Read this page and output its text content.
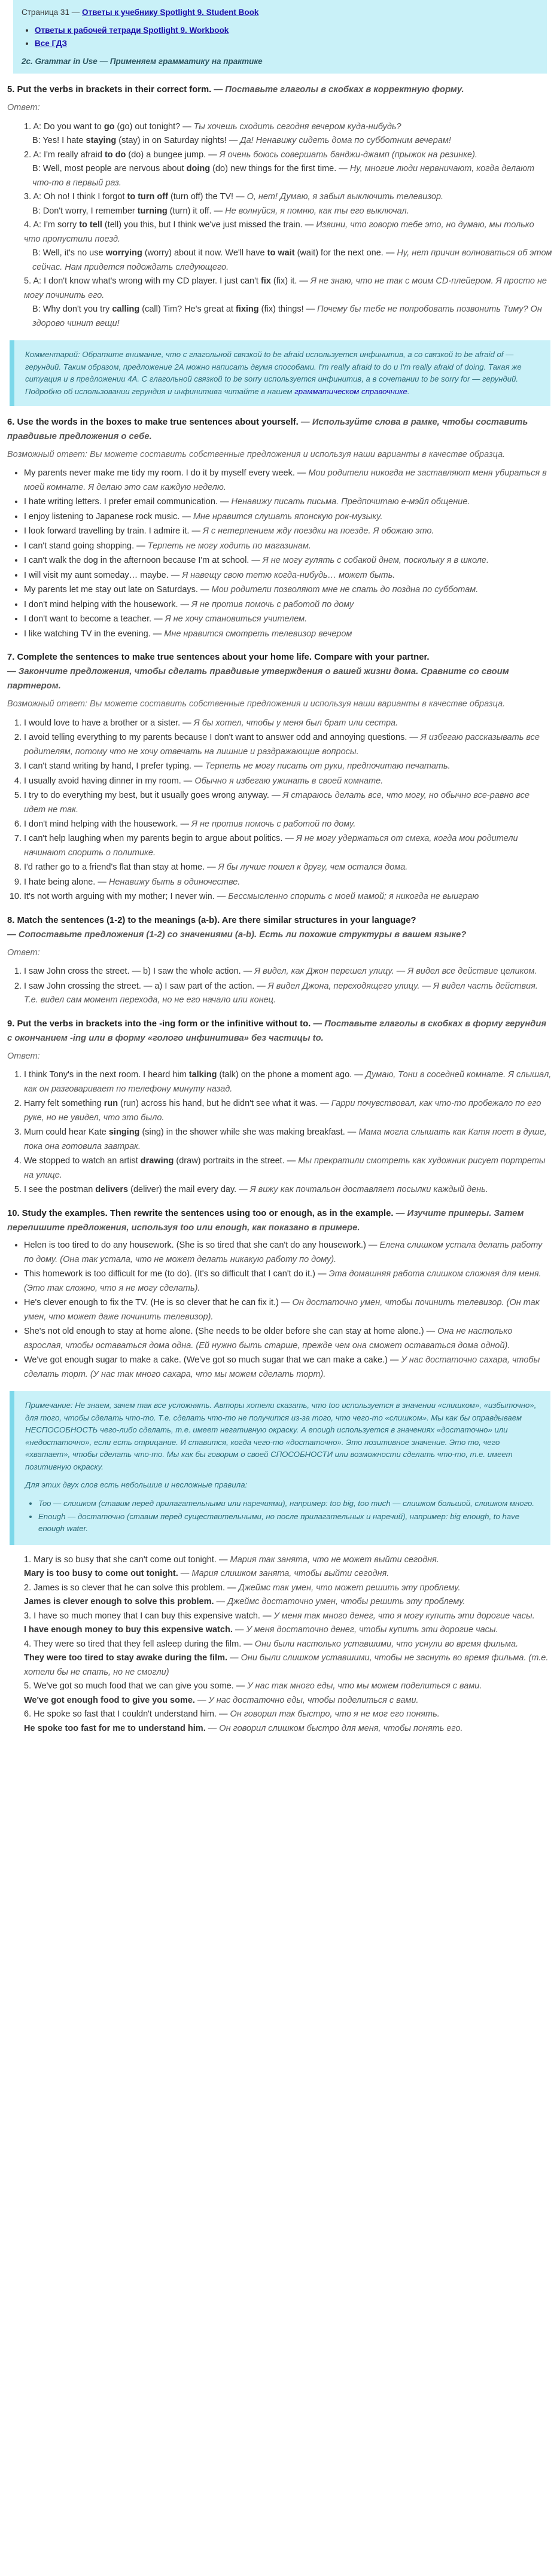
Страница 31 — Ответы к учебнику Spotlight 9. Student Book
• Ответы к рабочей тетради Spotlight 9. Workbook
• Все ГДЗ
2c. Grammar in Use — Применяем грамматику на практике
5. Put the verbs in brackets in their correct form. — Поставьте глаголы в скобках в корректную форму.
Ответ:
1. A: Do you want to go (go) out tonight? — Ты хочешь сходить сегодня вечером куда-нибудь?
B: Yes! I hate staying (stay) in on Saturday nights! — Да! Ненавижу сидеть дома по субботним вечерам!
2. A: I'm really afraid to do (do) a bungee jump. — Я очень боюсь совершать банджи-джамп (прыжок на резинке).
B: Well, most people are nervous about doing (do) new things for the first time. — Ну, многие люди нервничают, когда делают что-то в первый раз.
3. A: Oh no! I think I forgot to turn off (turn off) the TV! — О, нет! Думаю, я забыл выключить телевизор.
B: Don't worry, I remember turning (turn) it off. — Не волнуйся, я помню, как ты его выключал.
4. A: I'm sorry to tell (tell) you this, but I think we've just missed the train. — Извини, что говорю тебе это, но думаю, мы только что пропустили поезд.
B: Well, it's no use worrying (worry) about it now. We'll have to wait (wait) for the next one. — Ну, нет причин волноваться об этом сейчас. Нам придется подождать следующего.
5. A: I don't know what's wrong with my CD player. I just can't fix (fix) it. — Я не знаю, что не так с моим CD-плейером. Я просто не могу починить его.
B: Why don't you try calling (call) Tim? He's great at fixing (fix) things! — Почему бы тебе не попробовать позвонить Тиму? Он здорово чинит вещи!
Комментарий: Обратите внимание, что с глагольной связкой to be afraid используется инфинитив, а со связкой to be afraid of — герундий. Таким образом, предложение 2A можно написать двумя способами. I'm really afraid to do и I'm really afraid of doing. Такая же ситуация и в предложении 4A. С глагольной связкой to be sorry используется инфинитив, а в сочетании to be sorry for — герундий. Подробно об использовании герундия и инфинитива читайте в нашем грамматическом справочнике.
6. Use the words in the boxes to make true sentences about yourself. — Используйте слова в рамке, чтобы составить правдивые предложения о себе.
Возможный ответ: Вы можете составить собственные предложения и используя наши варианты в качестве образца.
• My parents never make me tidy my room. I do it by myself every week. — Мои родители никогда не заставляют меня убираться в моей комнате. Я делаю это сам каждую неделю.
• I hate writing letters. I prefer email communication. — Ненавижу писать письма. Предпочитаю е-мэйл общение.
• I enjoy listening to Japanese rock music. — Мне нравится слушать японскую рок-музыку.
• I look forward travelling by train. I admire it. — Я с нетерпением жду поездки на поезде. Я обожаю это.
• I can't stand going shopping. — Терпеть не могу ходить по магазинам.
• I can't walk the dog in the afternoon because I'm at school. — Я не могу гулять с собакой днем, поскольку я в школе.
• I will visit my aunt someday… maybe. — Я навещу свою тетю когда-нибудь… может быть.
• My parents let me stay out late on Saturdays. — Мои родители позволяют мне не спать до поздна по субботам.
• I don't mind helping with the housework. — Я не против помочь с работой по дому
• I don't want to become a teacher. — Я не хочу становиться учителем.
• I like watching TV in the evening. — Мне нравится смотреть телевизор вечером
7. Complete the sentences to make true sentences about your home life. Compare with your partner.
— Закончите предложения, чтобы сделать правдивые утверждения о вашей жизни дома. Сравните со своим партнером.
Возможный ответ: Вы можете составить собственные предложения и используя наши варианты в качестве образца.
1. I would love to have a brother or a sister. — Я бы хотел, чтобы у меня был брат или сестра.
2. I avoid telling everything to my parents because I don't want to answer odd and annoying questions. — Я избегаю рассказывать все родителям, потому что не хочу отвечать на лишние и раздражающие вопросы.
3. I can't stand writing by hand, I prefer typing. — Терпеть не могу писать от руки, предпочитаю печатать.
4. I usually avoid having dinner in my room. — Обычно я избегаю ужинать в своей комнате.
5. I try to do everything my best, but it usually goes wrong anyway. — Я стараюсь делать все, что могу, но обычно все-равно все идет не так.
6. I don't mind helping with the housework. — Я не против помочь с работой по дому.
7. I can't help laughing when my parents begin to argue about politics. — Я не могу удержаться от смеха, когда мои родители начинают спорить о политике.
8. I'd rather go to a friend's flat than stay at home. — Я бы лучше пошел к другу, чем остался дома.
9. I hate being alone. — Ненавижу быть в одиночестве.
10. It's not worth arguing with my mother; I never win. — Бессмысленно спорить с моей мамой; я никогда не выиграю
8. Match the sentences (1-2) to the meanings (a-b). Are there similar structures in your language?
— Сопоставьте предложения (1-2) со значениями (a-b). Есть ли похожие структуры в вашем языке?
Ответ:
1. I saw John cross the street. — b) I saw the whole action. — Я видел, как Джон перешел улицу. — Я видел все действие целиком.
2. I saw John crossing the street. — a) I saw part of the action. — Я видел Джона, переходящего улицу. — Я видел часть действия. Т.е. видел сам момент перехода, но не его начало или конец.
9. Put the verbs in brackets into the -ing form or the infinitive without to. — Поставьте глаголы в скобках в форму герундия с окончанием -ing или в форму «голого инфинитива» без частицы to.
Ответ:
1. I think Tony's in the next room. I heard him talking (talk) on the phone a moment ago. — Думаю, Тони в соседней комнате. Я слышал, как он разговаривает по телефону минуту назад.
2. Harry felt something run (run) across his hand, but he didn't see what it was. — Гарри почувствовал, как что-то пробежало по его руке, но не увидел, что это было.
3. Mum could hear Kate singing (sing) in the shower while she was making breakfast. — Мама могла слышать как Катя поет в душе, пока она готовила завтрак.
4. We stopped to watch an artist drawing (draw) portraits in the street. — Мы прекратили смотреть как художник рисует портреты на улице.
5. I see the postman delivers (deliver) the mail every day. — Я вижу как почтальон доставляет посылки каждый день.
10. Study the examples. Then rewrite the sentences using too or enough, as in the example. — Изучите примеры. Затем перепишите предложения, используя too или enough, как показано в примере.
• Helen is too tired to do any housework. (She is so tired that she can't do any housework.) — Елена слишком устала делать работу по дому. (Она так устала, что не может делать никакую работу по дому).
• This homework is too difficult for me (to do). (It's so difficult that I can't do it.) — Эта домашняя работа слишком сложная для меня. (Это так сложно, что я не могу сделать).
• He's clever enough to fix the TV. (He is so clever that he can fix it.) — Он достаточно умен, чтобы починить телевизор. (Он так умен, что может даже починить телевизор).
• She's not old enough to stay at home alone. (She needs to be older before she can stay at home alone.) — Она не настолько взрослая, чтобы оставаться дома одна. (Ей нужно быть старше, прежде чем она сможет оставаться дома одной).
• We've got enough sugar to make a cake. (We've got so much sugar that we can make a cake.) — У нас достаточно сахара, чтобы сделать торт. (У нас так много сахара, что мы можем сделать торт).

Примечание: Не знаем, зачем так все усложнять. Авторы хотели сказать, что too используется в значении «слишком», «избыточно», для того, чтобы сделать что-то. Т.е. сделать что-то не получится из-за того, что чего-то «слишком». Мы как бы оправдываем НЕСПОСОБНОСТЬ чего-либо сделать, т.е. имеет негативную окраску. А enough используется в значениях «достаточно» или «недостаточно», если есть отрицание. И ставится, когда чего-то «достаточно». Это позитивное значение. Это то, чего «хватает», чтобы сделать что-то. Мы как бы говорим о своей СПОСОБНОСТИ или возможности сделать что-то, т.е. имеет позитивную окраску.

Для этих двух слов есть небольшие и несложные правила:

• Too — слишком (ставим перед прилагательными или наречиями), например: too big, too much — слишком большой, слишком много.
• Enough — достаточно (ставим перед существительными, но после прилагательных и наречий), например: big enough, to have enough water.
1. Mary is so busy that she can't come out tonight. — Мария так занята, что не может выйти сегодня.
Mary is too busy to come out tonight. — Мария слишком занята, чтобы выйти сегодня.
2. James is so clever that he can solve this problem. — Джеймс так умен, что может решить эту проблему.
James is clever enough to solve this problem. — Джеймс достаточно умен, чтобы решить эту проблему.
3. I have so much money that I can buy this expensive watch. — У меня так много денег, что я могу купить эти дорогие часы.
I have enough money to buy this expensive watch. — У меня достаточно денег, чтобы купить эти дорогие часы.
4. They were so tired that they fell asleep during the film. — Они были настолько уставшими, что уснули во время фильма.
They were too tired to stay awake during the film. — Они были слишком уставшими, чтобы не заснуть во время фильма. (т.е. хотели бы не спать, но не смогли)
5. We've got so much food that we can give you some. — У нас так много еды, что мы можем поделиться с вами.
We've got enough food to give you some. — У нас достаточно еды, чтобы поделиться с вами.
6. He spoke so fast that I couldn't understand him. — Он говорил так быстро, что я не мог его понять.
He spoke too fast for me to understand him. — Он говорил слишком быстро для меня, чтобы понять его.
